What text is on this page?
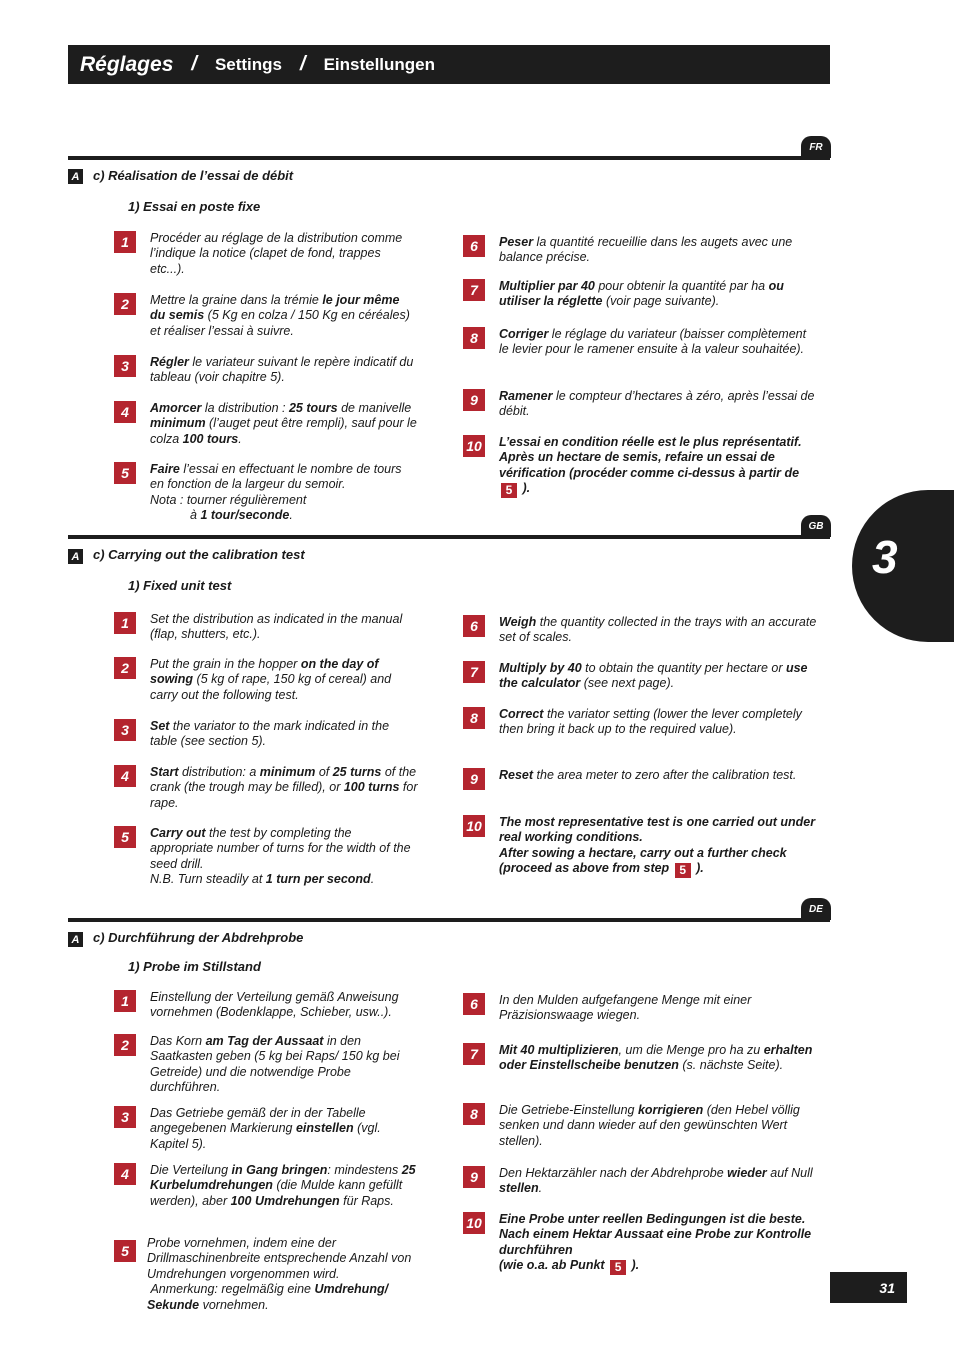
Réglages / Settings / Einstellungen
3
FR
A c) Réalisation de l’essai de débit
1) Essai en poste fixe
1	Procéder au réglage de la distribution comme l’indique la notice (clapet de fond, trappes etc...).
2	Mettre la graine dans la trémie le jour même du semis (5 Kg en colza / 150 Kg en céréales) et réaliser l’essai à suivre.
3	Régler le variateur suivant le repère indicatif du tableau (voir chapitre 5).
4	Amorcer la distribution : 25 tours de manivelle minimum (l’auget peut être rempli), sauf pour le colza 100 tours.
5	Faire l’essai en effectuant le nombre de tours en fonction de la largeur du semoir.
Nota : tourner régulièrement
à 1 tour/seconde.
6	Peser la quantité recueillie dans les augets avec une balance précise.
7	Multiplier par 40 pour obtenir la quantité par ha ou utiliser la réglette (voir page suivante).
8	Corriger le réglage du variateur (baisser complètement le levier pour le ramener ensuite à la valeur souhaitée).
9	Ramener le compteur d’hectares à zéro, après l’essai de débit.
10 L’essai en condition réelle est le plus représentatif.
Après un hectare de semis, refaire un essai de vérification (procéder comme ci-dessus à partir de 5 ).
GB
A c) Carrying out the calibration test
1) Fixed unit test
1	Set the distribution as indicated in the manual (flap, shutters, etc.).
2	Put the grain in the hopper on the day of sowing (5 kg of rape, 150 kg of cereal) and carry out the following test.
3	Set the variator to the mark indicated in the table (see section 5).
4	Start distribution: a minimum of 25 turns of the crank (the trough may be filled), or 100 turns for rape.
5	Carry out the test by completing the appropriate number of turns for the width of the seed drill.
N.B. Turn steadily at 1 turn per second.
6	Weigh the quantity collected in the trays with an accurate set of scales.
7	Multiply by 40 to obtain the quantity per hectare or use the calculator (see next page).
8	Correct the variator setting (lower the lever completely then bring it back up to the required value).
9	Reset the area meter to zero after the calibration test.
10 The most representative test is one carried out under real working conditions.
After sowing a hectare, carry out a further check (proceed as above from step 5 ).
DE
A c) Durchführung der Abdrehprobe
1) Probe im Stillstand
1	Einstellung der Verteilung gemäß Anweisung vornehmen (Bodenklappe, Schieber, usw..).
2	Das Korn am Tag der Aussaat in den Saatkasten geben (5 kg bei Raps/ 150 kg bei Getreide) und die notwendige Probe durchführen.
3	Das Getriebe gemäß der in der Tabelle angegebenen Markierung einstellen (vgl. Kapitel 5).
4	Die Verteilung in Gang bringen: mindestens 25 Kurbelumdrehungen (die Mulde kann gefüllt werden), aber 100 Umdrehungen für Raps.
5	Probe vornehmen, indem eine der Drillmaschinenbreite entsprechende Anzahl von Umdrehungen vorgenommen wird.
Anmerkung: regelmäßig eine Umdrehung/ Sekunde vornehmen.
6	In den Mulden aufgefangene Menge mit einer Präzisionswaage wiegen.
7	Mit 40 multiplizieren, um die Menge pro ha zu erhalten oder Einstellscheibe benutzen (s. nächste Seite).
8	Die Getriebe-Einstellung korrigieren (den Hebel völlig senken und dann wieder auf den gewünschten Wert stellen).
9	Den Hektarzähler nach der Abdrehprobe wieder auf Null stellen.
10 Eine Probe unter reellen Bedingungen ist die beste. Nach einem Hektar Aussaat eine Probe zur Kontrolle durchführen
(wie o.a. ab Punkt 5 ).
31
